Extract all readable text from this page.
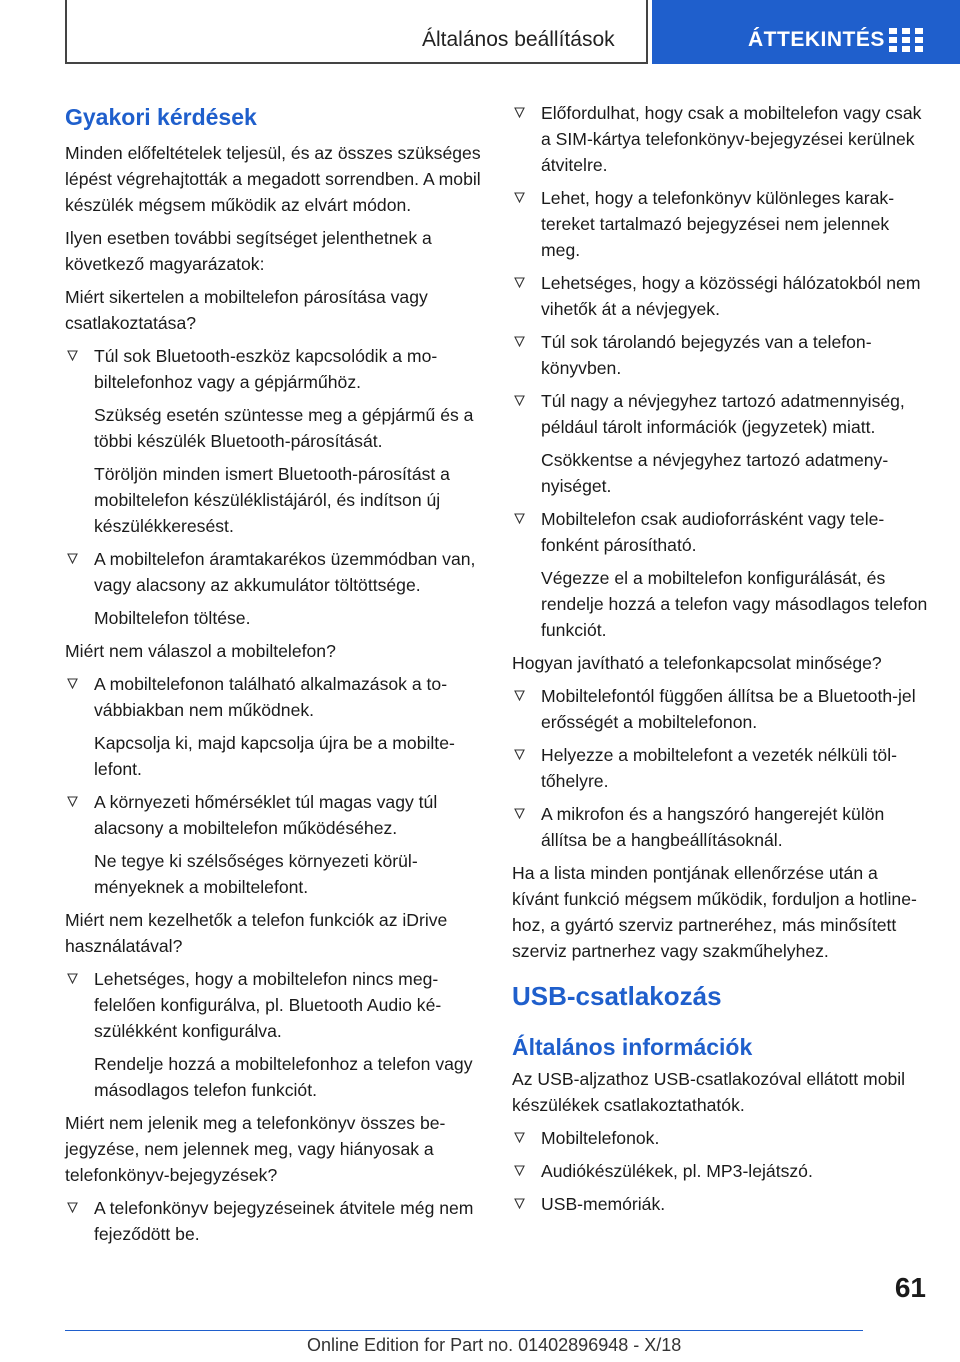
Általános beállítások	ÁTTEKINTÉS
Gyakori kérdések

Minden előfeltételek teljesül, és az összes szükséges lépést végrehajtották a megadott sorrendben. A mobil készülék mégsem működik az elvárt módon.

Ilyen esetben további segítséget jelenthetnek a következő magyarázatok:

Miért sikertelen a mobiltelefon párosítása vagy csatlakoztatása?

Túl sok Bluetooth-eszköz kapcsolódik a mobiltelefonhoz vagy a gépjárműhöz.
Szükség esetén szüntesse meg a gépjármű és a többi készülék Bluetooth-párosítását.
Töröljön minden ismert Bluetooth-párosítást a mobiltelefon készüléklistájáról, és indítson új készülékkeresést.
A mobiltelefon áramtakarékos üzemmódban van, vagy alacsony az akkumulátor töltöttsége.
Mobiltelefon töltése.

Miért nem válaszol a mobiltelefon?

A mobiltelefonon található alkalmazások a továbbiakban nem működnek.
Kapcsolja ki, majd kapcsolja újra be a mobiltelefont.
A környezeti hőmérséklet túl magas vagy túl alacsony a mobiltelefon működéséhez.
Ne tegye ki szélsőséges környezeti körülményeknek a mobiltelefont.

Miért nem kezelhetők a telefon funkciók az iDrive használatával?

Lehetséges, hogy a mobiltelefon nincs megfelelően konfigurálva, pl. Bluetooth Audio készülékként konfigurálva.
Rendelje hozzá a mobiltelefonhoz a telefon vagy másodlagos telefon funkciót.

Miért nem jelenik meg a telefonkönyv összes bejegyzése, nem jelennek meg, vagy hiányosak a telefonkönyv-bejegyzések?

A telefonkönyv bejegyzéseinek átvitele még nem fejeződött be.
Előfordulhat, hogy csak a mobiltelefon vagy csak a SIM-kártya telefonkönyv-bejegyzései kerülnek átvitelre.
Lehet, hogy a telefonkönyv különleges karaktereket tartalmazó bejegyzései nem jelennek meg.
Lehetséges, hogy a közösségi hálózatokból nem vihetők át a névjegyek.
Túl sok tárolandó bejegyzés van a telefonkönyvben.
Túl nagy a névjegyhez tartozó adatmennyiség, például tárolt információk (jegyzetek) miatt.
Csökkentse a névjegyhez tartozó adatmenynyiséget.
Mobiltelefon csak audioforrásként vagy telefonként párosítható.
Végezze el a mobiltelefon konfigurálását, és rendelje hozzá a telefon vagy másodlagos telefon funkciót.

Hogyan javítható a telefonkapcsolat minősége?

Mobiltelefontól függően állítsa be a Bluetooth-jel erősségét a mobiltelefonon.
Helyezze a mobiltelefont a vezeték nélküli töltőhelyre.
A mikrofon és a hangszóró hangerejét külön állítsa be a hangbeállításoknál.

Ha a lista minden pontjának ellenőrzése után a kívánt funkció mégsem működik, forduljon a hotline-hoz, a gyártó szerviz partneréhez, más minősített szerviz partnerhez vagy szakműhelyhez.

USB-csatlakozás
Általános információk

Az USB-aljzathoz USB-csatlakozóval ellátott mobil készülékek csatlakoztathatók.

Mobiltelefonok.
Audiókészülékek, pl. MP3-lejátszó.
USB-memóriák.
61
Online Edition for Part no. 01402896948 - X/18
